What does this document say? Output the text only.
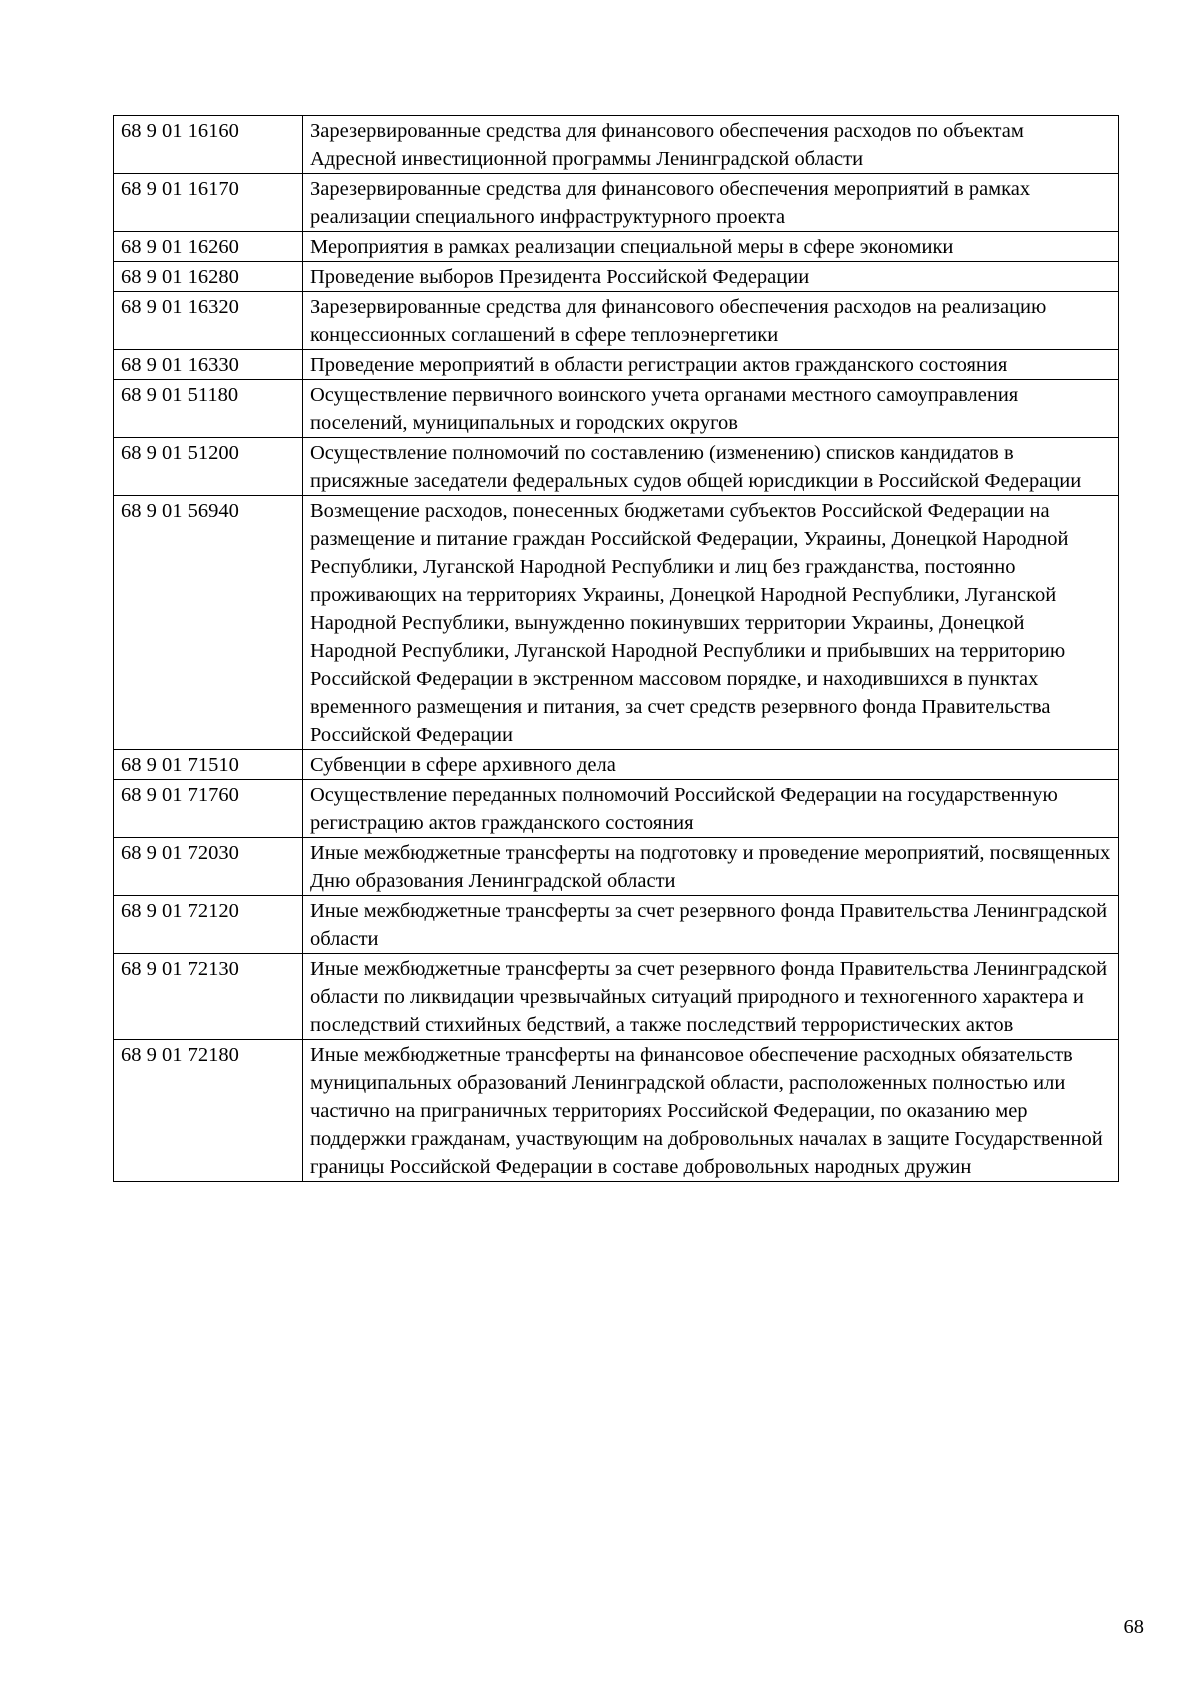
68 9 01 16160	Зарезервированные средства для финансового обеспечения расходов по объектам Адресной инвестиционной программы Ленинградской области
68 9 01 16170	Зарезервированные средства для финансового обеспечения мероприятий в рамках реализации специального инфраструктурного проекта
68 9 01 16260	Мероприятия в рамках реализации специальной меры в сфере экономики
68 9 01 16280	Проведение выборов Президента Российской Федерации
68 9 01 16320	Зарезервированные средства для финансового обеспечения расходов на реализацию концессионных соглашений в сфере теплоэнергетики
68 9 01 16330	Проведение мероприятий в области регистрации актов гражданского состояния
68 9 01 51180	Осуществление первичного воинского учета органами местного самоуправления поселений, муниципальных и городских округов
68 9 01 51200	Осуществление полномочий по составлению (изменению) списков кандидатов в присяжные заседатели федеральных судов общей юрисдикции в Российской Федерации
68 9 01 56940	Возмещение расходов, понесенных бюджетами субъектов Российской Федерации на размещение и питание граждан Российской Федерации, Украины, Донецкой Народной Республики, Луганской Народной Республики и лиц без гражданства, постоянно проживающих на территориях Украины, Донецкой Народной Республики, Луганской Народной Республики, вынужденно покинувших территории Украины, Донецкой Народной Республики, Луганской Народной Республики и прибывших на территорию Российской Федерации в экстренном массовом порядке, и находившихся в пунктах временного размещения и питания, за счет средств резервного фонда Правительства Российской Федерации
68 9 01 71510	Субвенции в сфере архивного дела
68 9 01 71760	Осуществление переданных полномочий Российской Федерации на государственную регистрацию актов гражданского состояния
68 9 01 72030	Иные межбюджетные трансферты на подготовку и проведение мероприятий, посвященных Дню образования Ленинградской области
68 9 01 72120	Иные межбюджетные трансферты за счет резервного фонда Правительства Ленинградской области
68 9 01 72130	Иные межбюджетные трансферты за счет резервного фонда Правительства Ленинградской области по ликвидации чрезвычайных ситуаций природного и техногенного характера и последствий стихийных бедствий, а также последствий террористических актов
68 9 01 72180	Иные межбюджетные трансферты на финансовое обеспечение расходных обязательств муниципальных образований Ленинградской области, расположенных полностью или частично на приграничных территориях Российской Федерации, по оказанию мер поддержки гражданам, участвующим на добровольных началах в защите Государственной границы Российской Федерации в составе добровольных народных дружин
68
